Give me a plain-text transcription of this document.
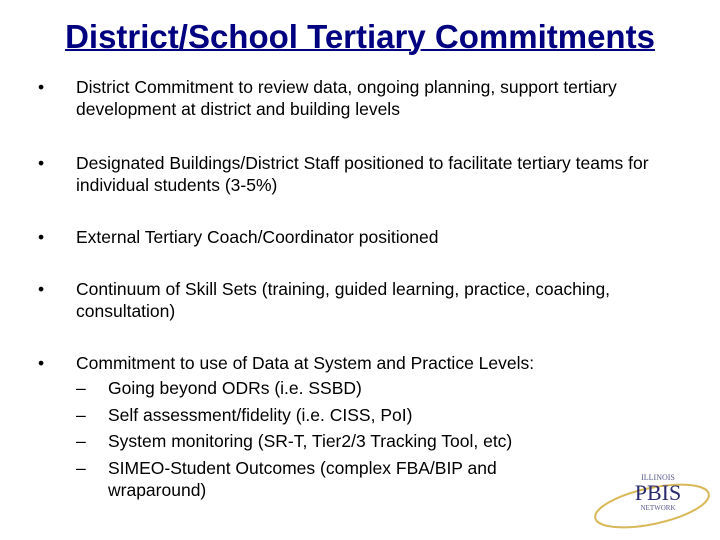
District/School Tertiary Commitments
• District Commitment to review data, ongoing planning, support tertiary development at district and building levels
• Designated Buildings/District Staff positioned to facilitate tertiary teams for individual students (3-5%)
• External Tertiary Coach/Coordinator positioned
• Continuum of Skill Sets (training, guided learning, practice, coaching, consultation)
• Commitment to use of Data at System and Practice Levels:
– Going beyond ODRs (i.e. SSBD)
– Self assessment/fidelity (i.e. CISS, PoI)
– System monitoring (SR-T, Tier2/3 Tracking Tool, etc)
– SIMEO-Student Outcomes (complex FBA/BIP and wraparound)
ILLINOIS
PBIS
NETWORK
